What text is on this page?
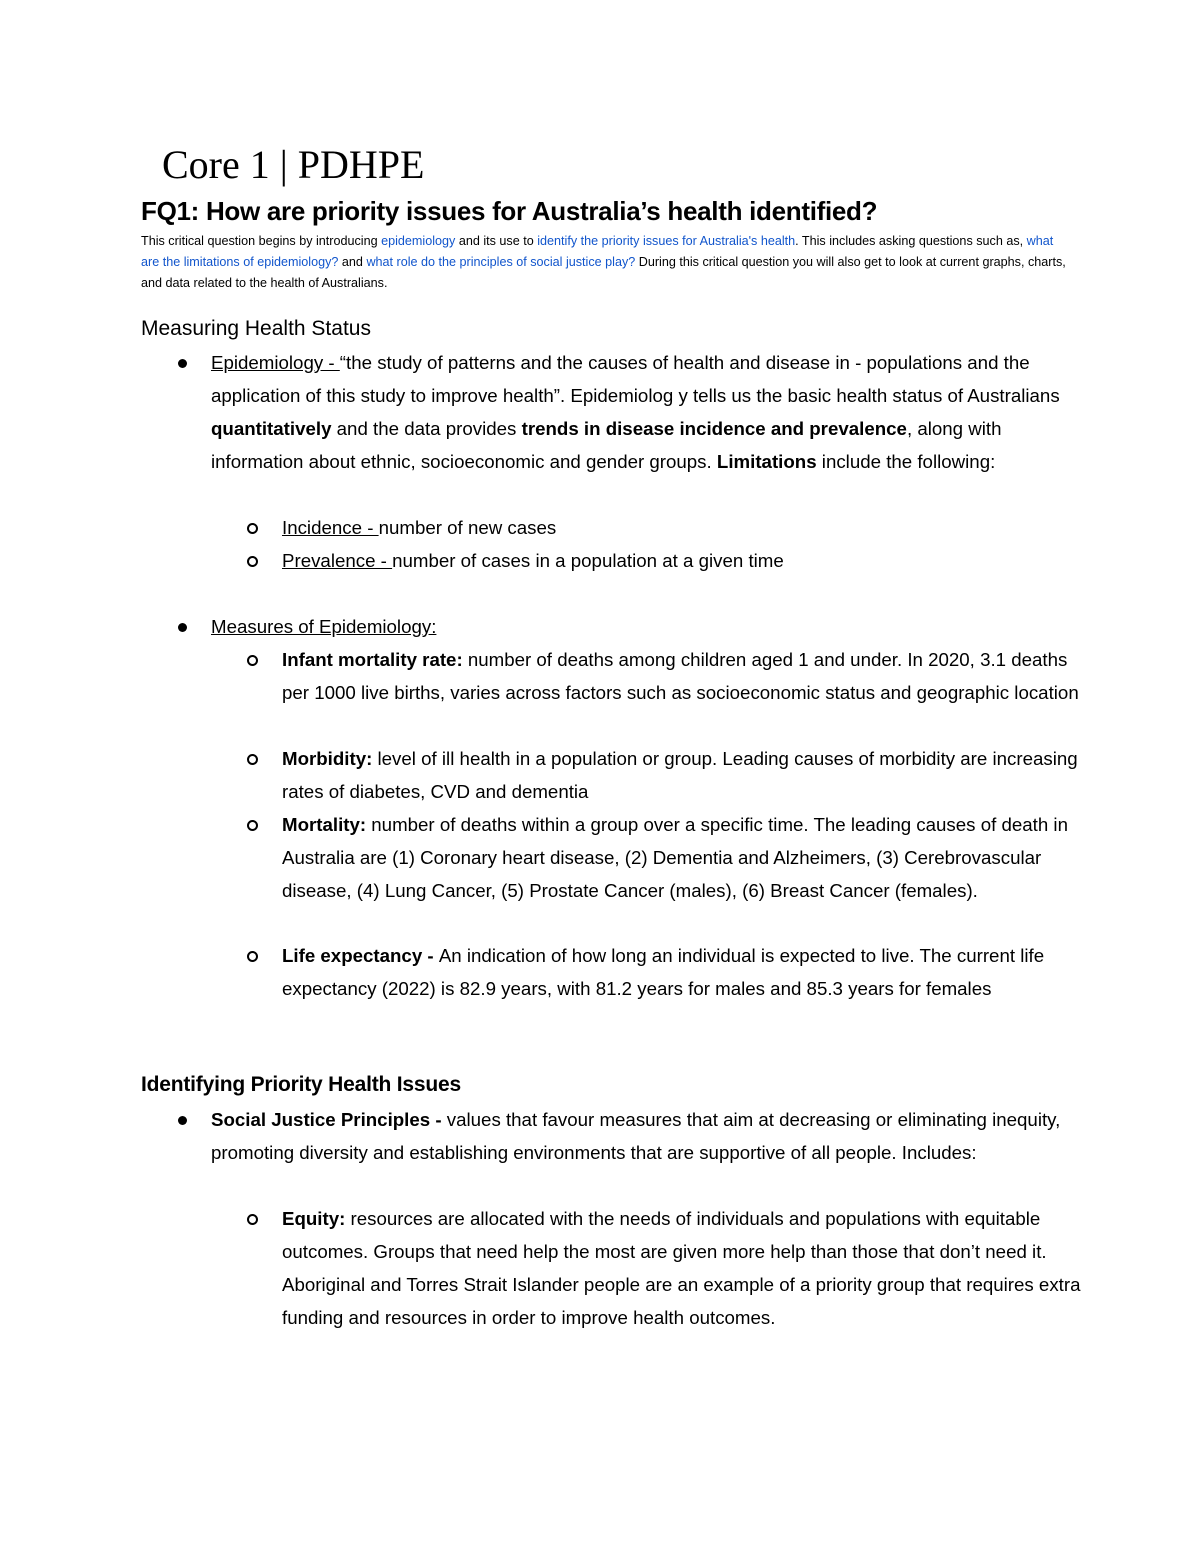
Core 1 | PDHPE
FQ1: How are priority issues for Australia’s health identified?

This critical question begins by introducing epidemiology and its use to identify the priority issues for Australia's health. This includes asking questions such as, what are the limitations of epidemiology? and what role do the principles of social justice play? During this critical question you will also get to look at current graphs, charts, and data related to the health of Australians.

Measuring Health Status

Epidemiology - “the study of patterns and the causes of health and disease in - populations and the application of this study to improve health”. Epidemiolog y tells us the basic health status of Australians quantitatively and the data provides trends in disease incidence and prevalence, along with information about ethnic, socioeconomic and gender groups. Limitations include the following:

Incidence - number of new cases

Prevalence - number of cases in a population at a given time

Measures of Epidemiology:

Infant mortality rate: number of deaths among children aged 1 and under. In 2020, 3.1 deaths per 1000 live births, varies across factors such as socioeconomic status and geographic location

Morbidity: level of ill health in a population or group. Leading causes of morbidity are increasing rates of diabetes, CVD and dementia

Mortality: number of deaths within a group over a specific time. The leading causes of death in Australia are (1) Coronary heart disease, (2) Dementia and Alzheimers, (3) Cerebrovascular disease, (4) Lung Cancer, (5) Prostate Cancer (males), (6) Breast Cancer (females).

Life expectancy - An indication of how long an individual is expected to live. The current life expectancy (2022) is 82.9 years, with 81.2 years for males and 85.3 years for females

Identifying Priority Health Issues

Social Justice Principles - values that favour measures that aim at decreasing or eliminating inequity, promoting diversity and establishing environments that are supportive of all people. Includes:

Equity: resources are allocated with the needs of individuals and populations with equitable outcomes. Groups that need help the most are given more help than those that don’t need it. Aboriginal and Torres Strait Islander people are an example of a priority group that requires extra funding and resources in order to improve health outcomes.
